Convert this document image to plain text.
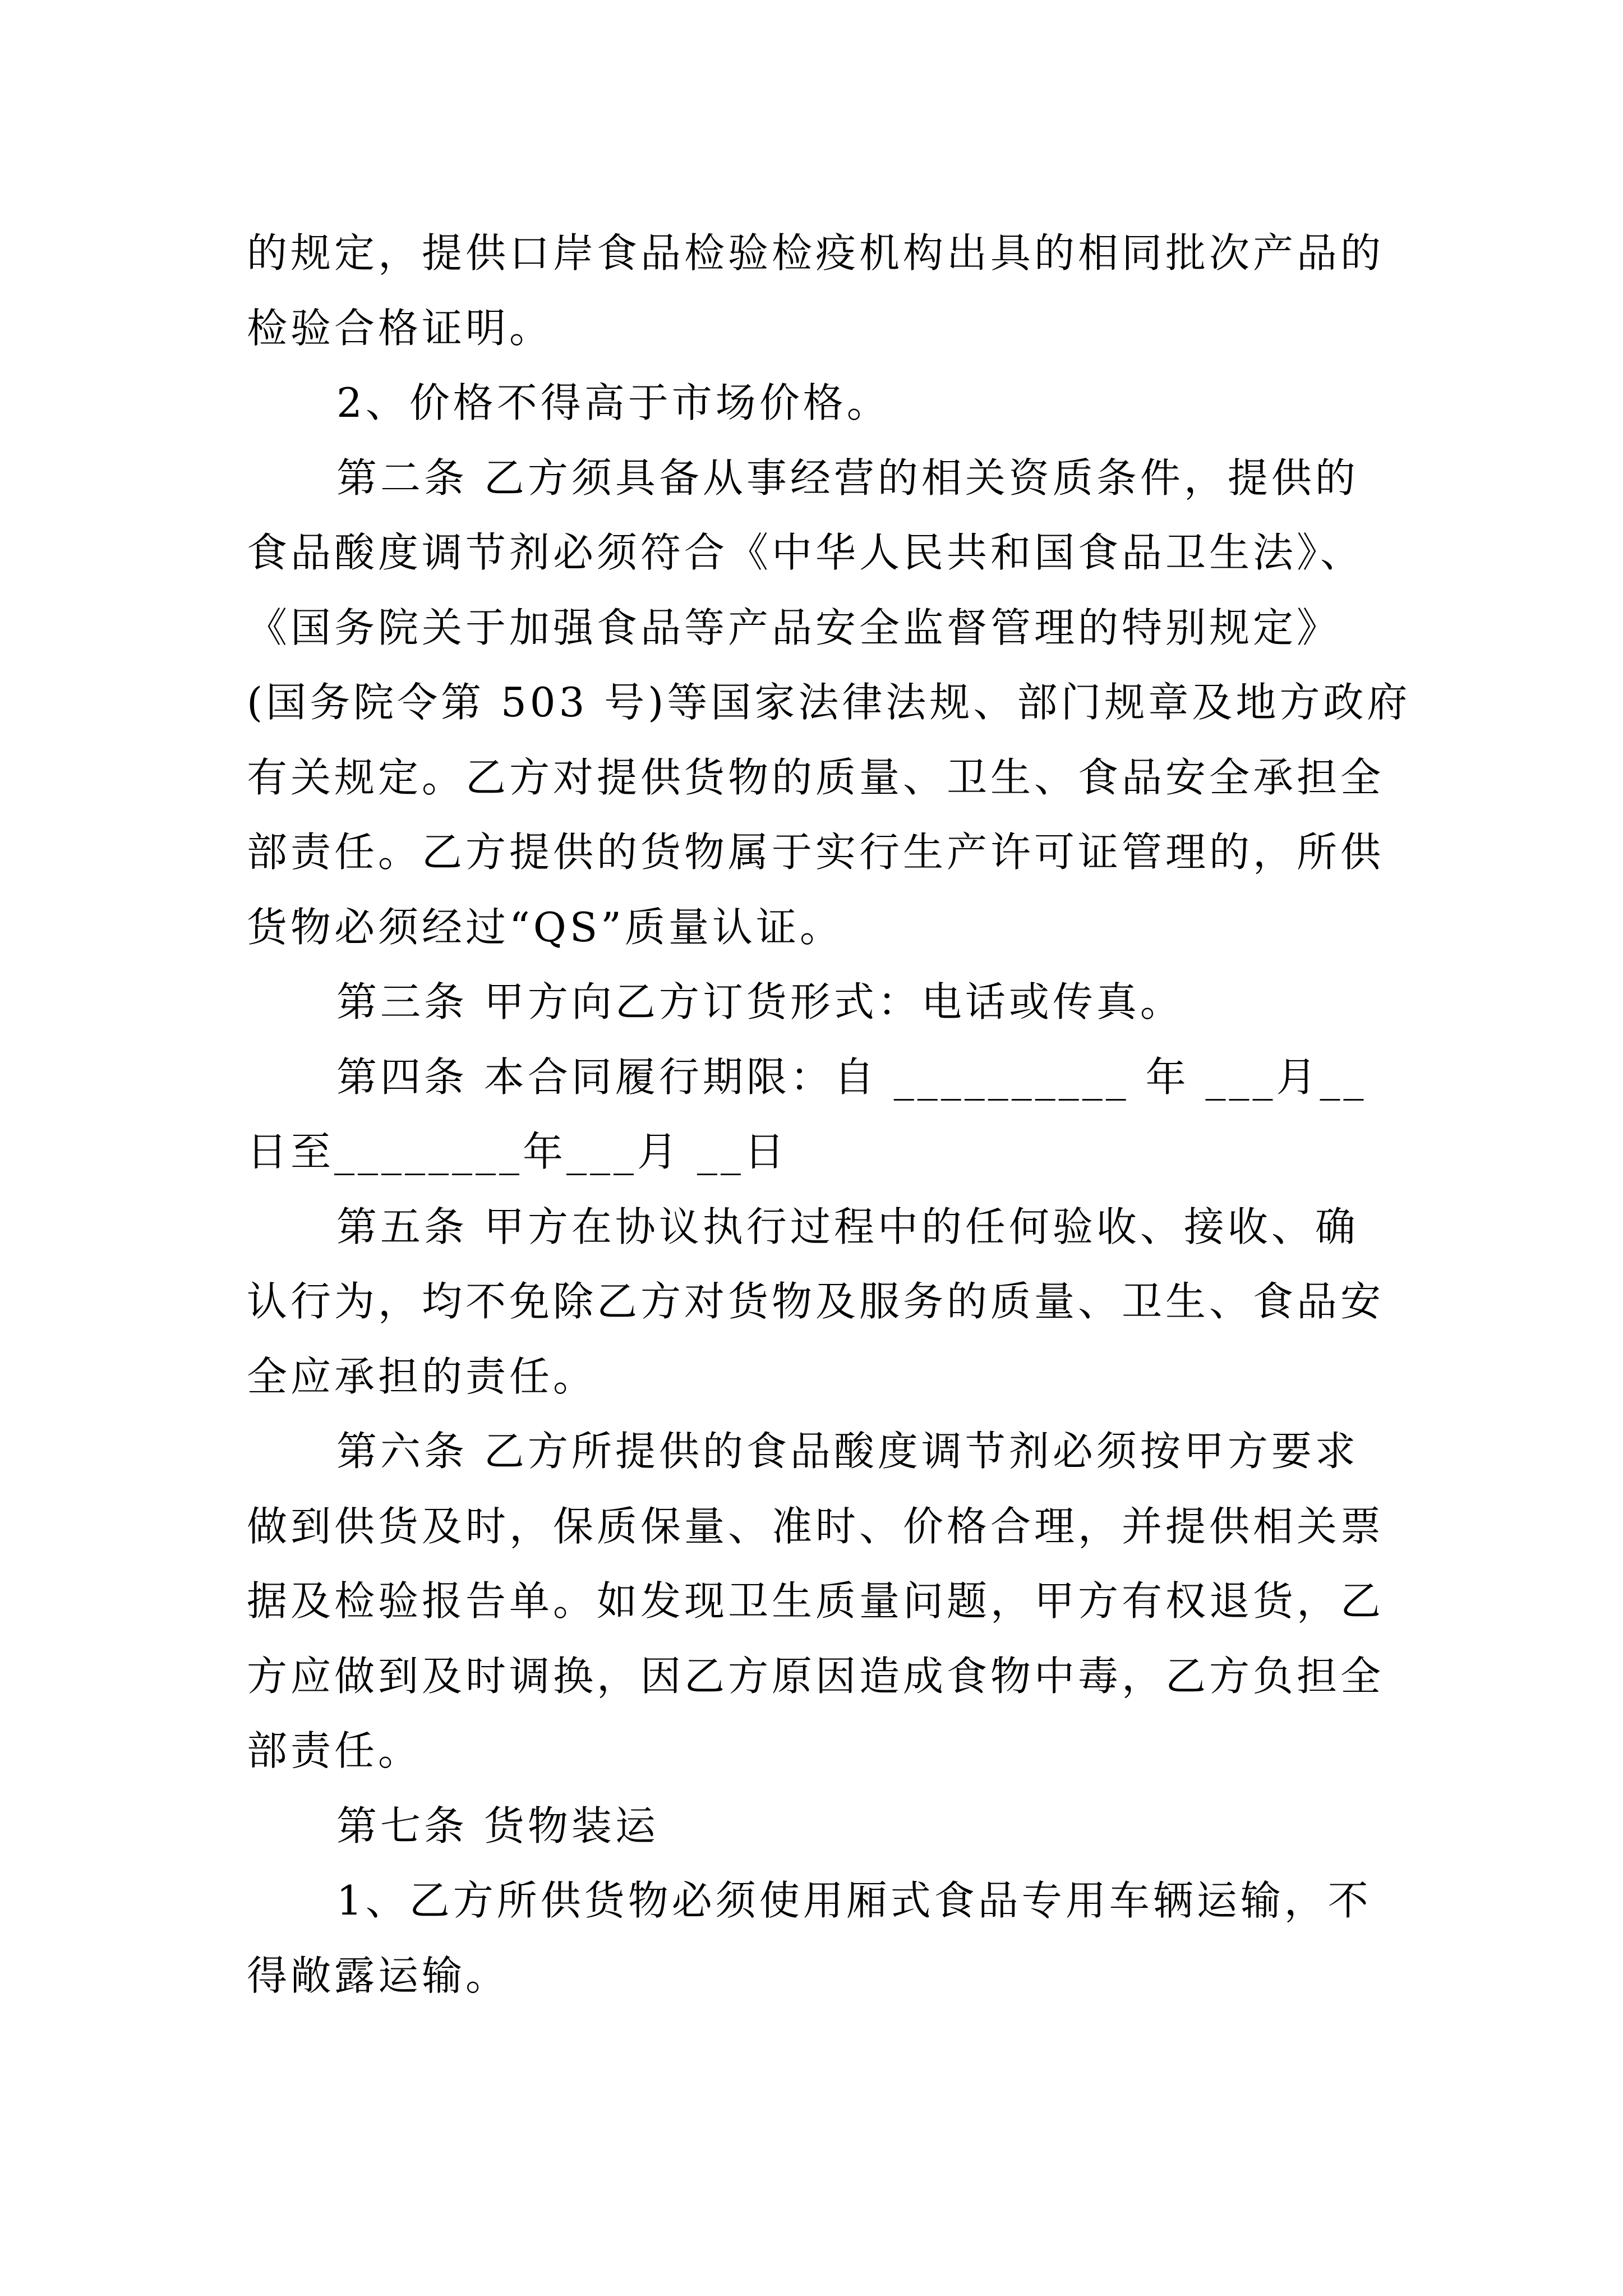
的规定，提供口岸食品检验检疫机构出具的相同批次产品的
检验合格证明。
2、价格不得高于市场价格。
第二条 乙方须具备从事经营的相关资质条件，提供的
食品酸度调节剂必须符合《中华人民共和国食品卫生法》、
《国务院关于加强食品等产品安全监督管理的特别规定》
(国务院令第 503 号)等国家法律法规、部门规章及地方政府
有关规定。乙方对提供货物的质量、卫生、食品安全承担全
部责任。乙方提供的货物属于实行生产许可证管理的，所供
货物必须经过“QS”质量认证。
第三条 甲方向乙方订货形式：电话或传真。
第四条 本合同履行期限：自 __________ 年 ___月__
日至________年___月 __日
第五条 甲方在协议执行过程中的任何验收、接收、确
认行为，均不免除乙方对货物及服务的质量、卫生、食品安
全应承担的责任。
第六条 乙方所提供的食品酸度调节剂必须按甲方要求
做到供货及时，保质保量、准时、价格合理，并提供相关票
据及检验报告单。如发现卫生质量问题，甲方有权退货，乙
方应做到及时调换，因乙方原因造成食物中毒，乙方负担全
部责任。
第七条 货物装运
1、乙方所供货物必须使用厢式食品专用车辆运输，不
得敞露运输。
